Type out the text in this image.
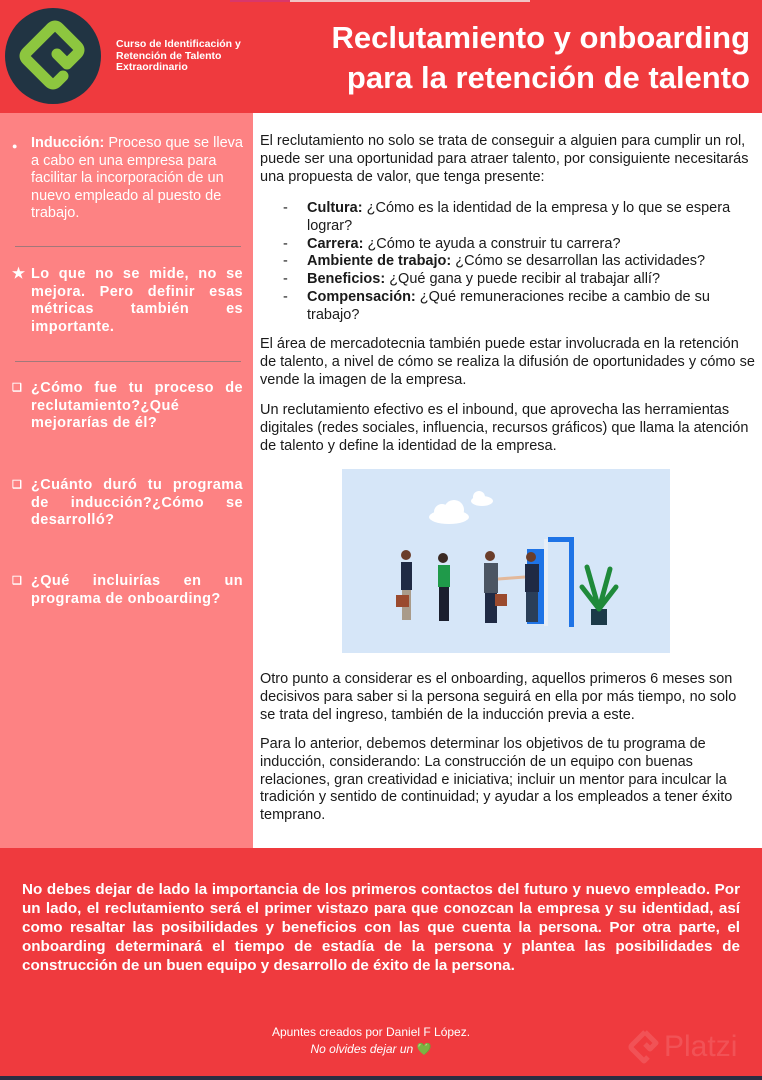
Curso de Identificación y Retención de Talento Extraordinario
Reclutamiento y onboarding
para la retención de talento
● Inducción: Proceso que se lleva a cabo en una empresa para facilitar la incorporación de un nuevo empleado al puesto de trabajo.
★ Lo que no se mide, no se mejora. Pero definir esas métricas también es importante.
❏ ¿Cómo fue tu proceso de reclutamiento?¿Qué mejorarías de él?
❏ ¿Cuánto duró tu programa de inducción?¿Cómo se desarrolló?
❏ ¿Qué incluirías en un programa de onboarding?

El reclutamiento no solo se trata de conseguir a alguien para cumplir un rol, puede ser una oportunidad para atraer talento, por consiguiente necesitarás una propuesta de valor, que tenga presente:

- Cultura: ¿Cómo es la identidad de la empresa y lo que se espera lograr?
- Carrera: ¿Cómo te ayuda a construir tu carrera?
- Ambiente de trabajo: ¿Cómo se desarrollan las actividades?
- Beneficios: ¿Qué gana y puede recibir al trabajar allí?
- Compensación: ¿Qué remuneraciones recibe a cambio de su trabajo?

El área de mercadotecnia también puede estar involucrada en la retención de talento, a nivel de cómo se realiza la difusión de oportunidades y cómo se vende la imagen de la empresa.

Un reclutamiento efectivo es el inbound, que aprovecha las herramientas digitales (redes sociales, influencia, recursos gráficos) que llama la atención de talento y define la identidad de la empresa.

Otro punto a considerar es el onboarding, aquellos primeros 6 meses son decisivos para saber si la persona seguirá en ella por más tiempo, no solo se trata del ingreso, también de la inducción previa a este.

Para lo anterior, debemos determinar los objetivos de tu programa de inducción, considerando: La construcción de un equipo con buenas relaciones, gran creatividad e iniciativa; incluir un mentor para inculcar la tradición y sentido de continuidad; y ayudar a los empleados a tener éxito temprano.

No debes dejar de lado la importancia de los primeros contactos del futuro y nuevo empleado. Por un lado, el reclutamiento será el primer vistazo para que conozcan la empresa y su identidad, así como resaltar las posibilidades y beneficios con las que cuenta la persona. Por otra parte, el onboarding determinará el tiempo de estadía de la persona y plantea las posibilidades de construcción de un buen equipo y desarrollo de éxito de la persona.

Apuntes creados por Daniel F López.
No olvides dejar un 💚	Platzi
